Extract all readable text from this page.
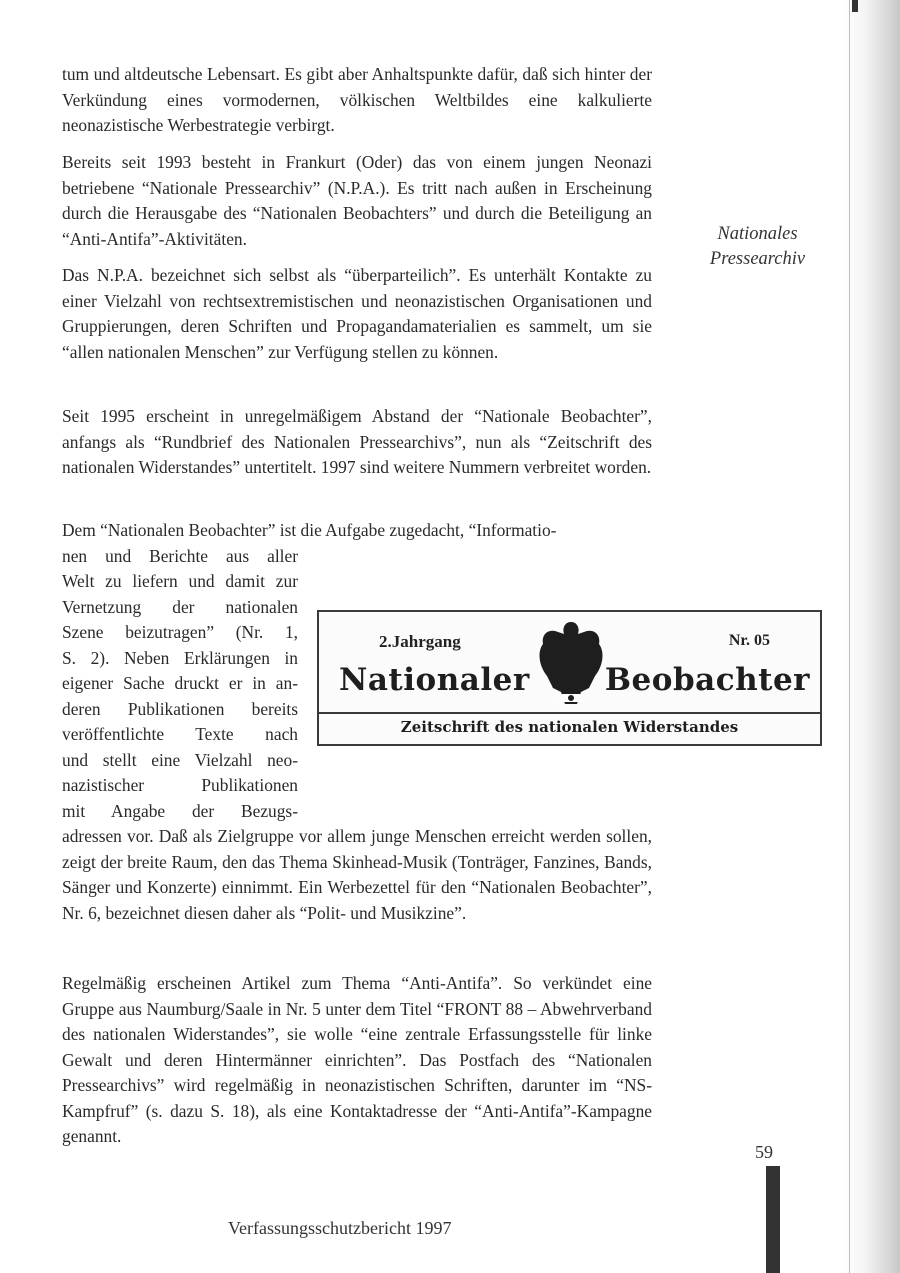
tum und altdeutsche Lebensart. Es gibt aber Anhaltspunkte dafür, daß sich hinter der Verkündung eines vormodernen, völkischen Weltbildes eine kalkulierte neonazistische Werbestrategie verbirgt.

Bereits seit 1993 besteht in Frankurt (Oder) das von einem jungen Neonazi betriebene “Nationale Pressearchiv” (N.P.A.). Es tritt nach außen in Erscheinung durch die Herausgabe des “Nationalen Beobachters” und durch die Beteiligung an “Anti-Antifa”-Aktivitäten.

Das N.P.A. bezeichnet sich selbst als “überparteilich”. Es unterhält Kontakte zu einer Vielzahl von rechtsextremistischen und neonazistischen Organisationen und Gruppierungen, deren Schriften und Propagandamaterialien es sammelt, um sie “allen nationalen Menschen” zur Verfügung stellen zu können.

Seit 1995 erscheint in unregelmäßigem Abstand der “Nationale Beobachter”, anfangs als “Rundbrief des Nationalen Pressearchivs”, nun als “Zeitschrift des nationalen Widerstandes” untertitelt. 1997 sind weitere Nummern verbreitet worden.

Dem “Nationalen Beobachter” ist die Aufgabe zugedacht, “Informatio-
nen und Berichte aus aller
Welt zu liefern und damit zur
Vernetzung der nationalen
Szene beizutragen” (Nr. 1,
S. 2). Neben Erklärungen in
eigener Sache druckt er in an-
deren Publikationen bereits
veröffentlichte Texte nach
und stellt eine Vielzahl neo-
nazistischer Publikationen
mit Angabe der Bezugs-
adressen vor. Daß als Zielgruppe vor allem junge Menschen erreicht werden sollen, zeigt der breite Raum, den das Thema Skinhead-Musik (Tonträger, Fanzines, Bands, Sänger und Konzerte) einnimmt. Ein Werbezettel für den “Nationalen Beobachter”, Nr. 6, bezeichnet diesen daher als “Polit- und Musikzine”.

Regelmäßig erscheinen Artikel zum Thema “Anti-Antifa”. So verkündet eine Gruppe aus Naumburg/Saale in Nr. 5 unter dem Titel “FRONT 88 – Abwehrverband des nationalen Widerstandes”, sie wolle “eine zentrale Erfassungsstelle für linke Gewalt und deren Hintermänner einrichten”. Das Postfach des “Nationalen Pressearchivs” wird regelmäßig in neonazistischen Schriften, darunter im “NS-Kampfruf” (s. dazu S. 18), als eine Kontaktadresse der “Anti-Antifa”-Kampagne genannt.

Nationales
Pressearchiv
2.Jahrgang	Nr. 05
Nationaler Beobachter
Zeitschrift des nationalen Widerstandes
59
Verfassungsschutzbericht 1997
